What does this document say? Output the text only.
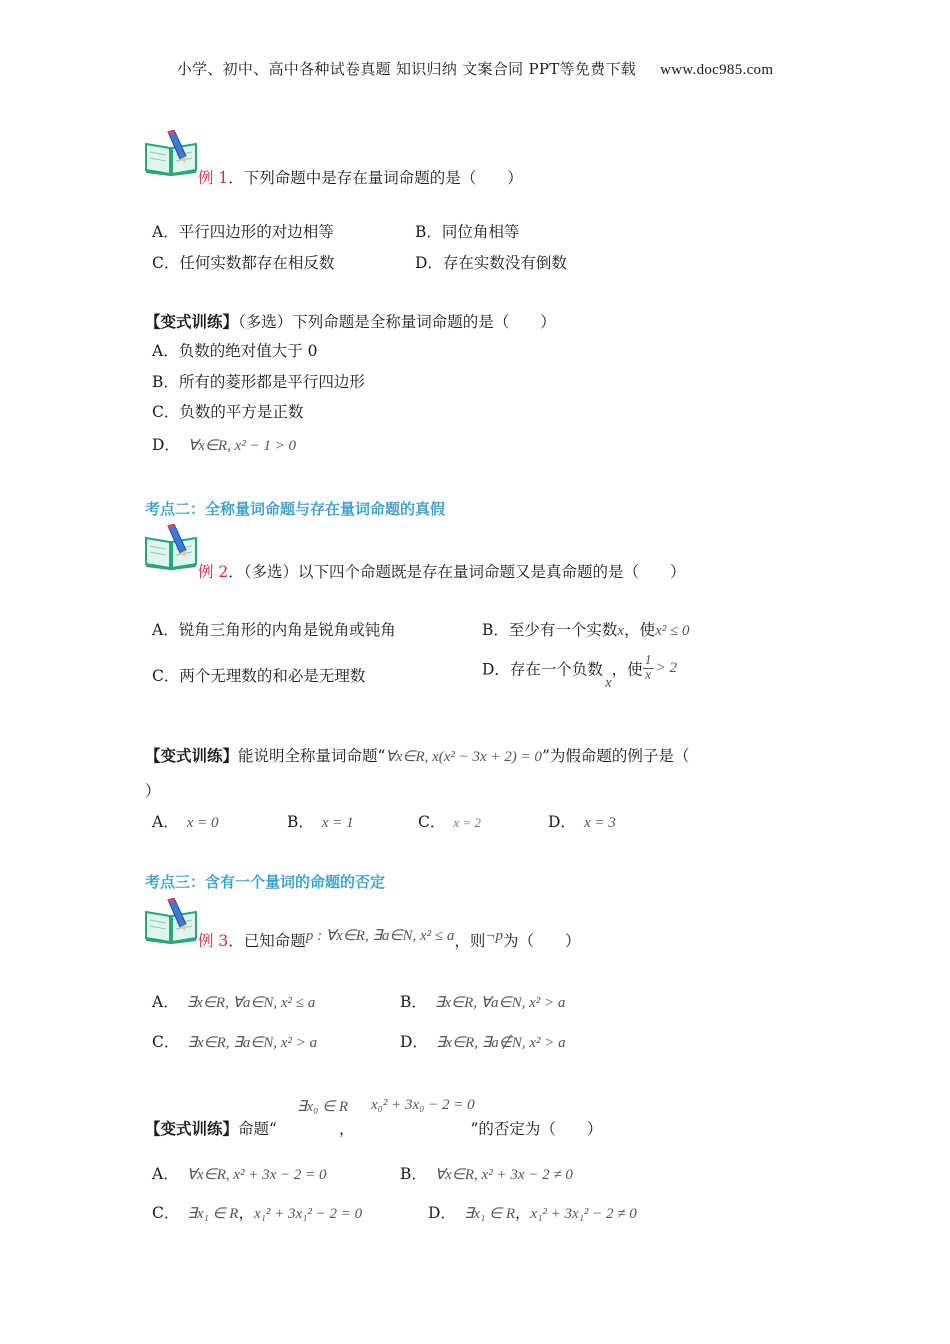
小学、初中、高中各种试卷真题 知识归纳 文案合同 PPT等免费下载 www.doc985.com
例 1．下列命题中是存在量词命题的是（　　）
A．平行四边形的对边相等	B．同位角相等
C．任何实数都存在相反数	D．存在实数没有倒数
【变式训练】（多选）下列命题是全称量词命题的是（　　）
A．负数的绝对值大于 0
B．所有的菱形都是平行四边形
C．负数的平方是正数
D． ∀x∈R, x² − 1 > 0
考点二：全称量词命题与存在量词命题的真假
例 2．（多选）以下四个命题既是存在量词命题又是真命题的是（　　）
A．锐角三角形的内角是锐角或钝角	B．至少有一个实数x，使x² ≤ 0
C．两个无理数的和必是无理数	D．存在一个负数x，使 $\frac{1}{x} > 2$
【变式训练】能说明全称量词命题“∀x∈R, x(x² − 3x + 2) = 0”为假命题的例子是（
）
A． x = 0	B． x = 1	C． x = 2	D． x = 3
考点三：含有一个量词的命题的否定
例 3．已知命题p : ∀x∈R, ∃a∈N, x² ≤ a，则¬p为（　　）
A． ∃x∈R, ∀a∈N, x² ≤ a	B． ∃x∈R, ∀a∈N, x² > a
C． ∃x∈R, ∃a∈N, x² > a	D． ∃x∈R, ∃a∉N, x² > a
∃x₀ ∈ R x₀² + 3x₀ − 2 = 0
【变式训练】命题“	，	”的否定为（　　）
A． ∀x∈R, x² + 3x − 2 = 0	B． ∀x∈R, x² + 3x − 2 ≠ 0
C． ∃x₁ ∈ R，x₁² + 3x₁² − 2 = 0	D． ∃x₁ ∈ R，x₁² + 3x₁² − 2 ≠ 0
